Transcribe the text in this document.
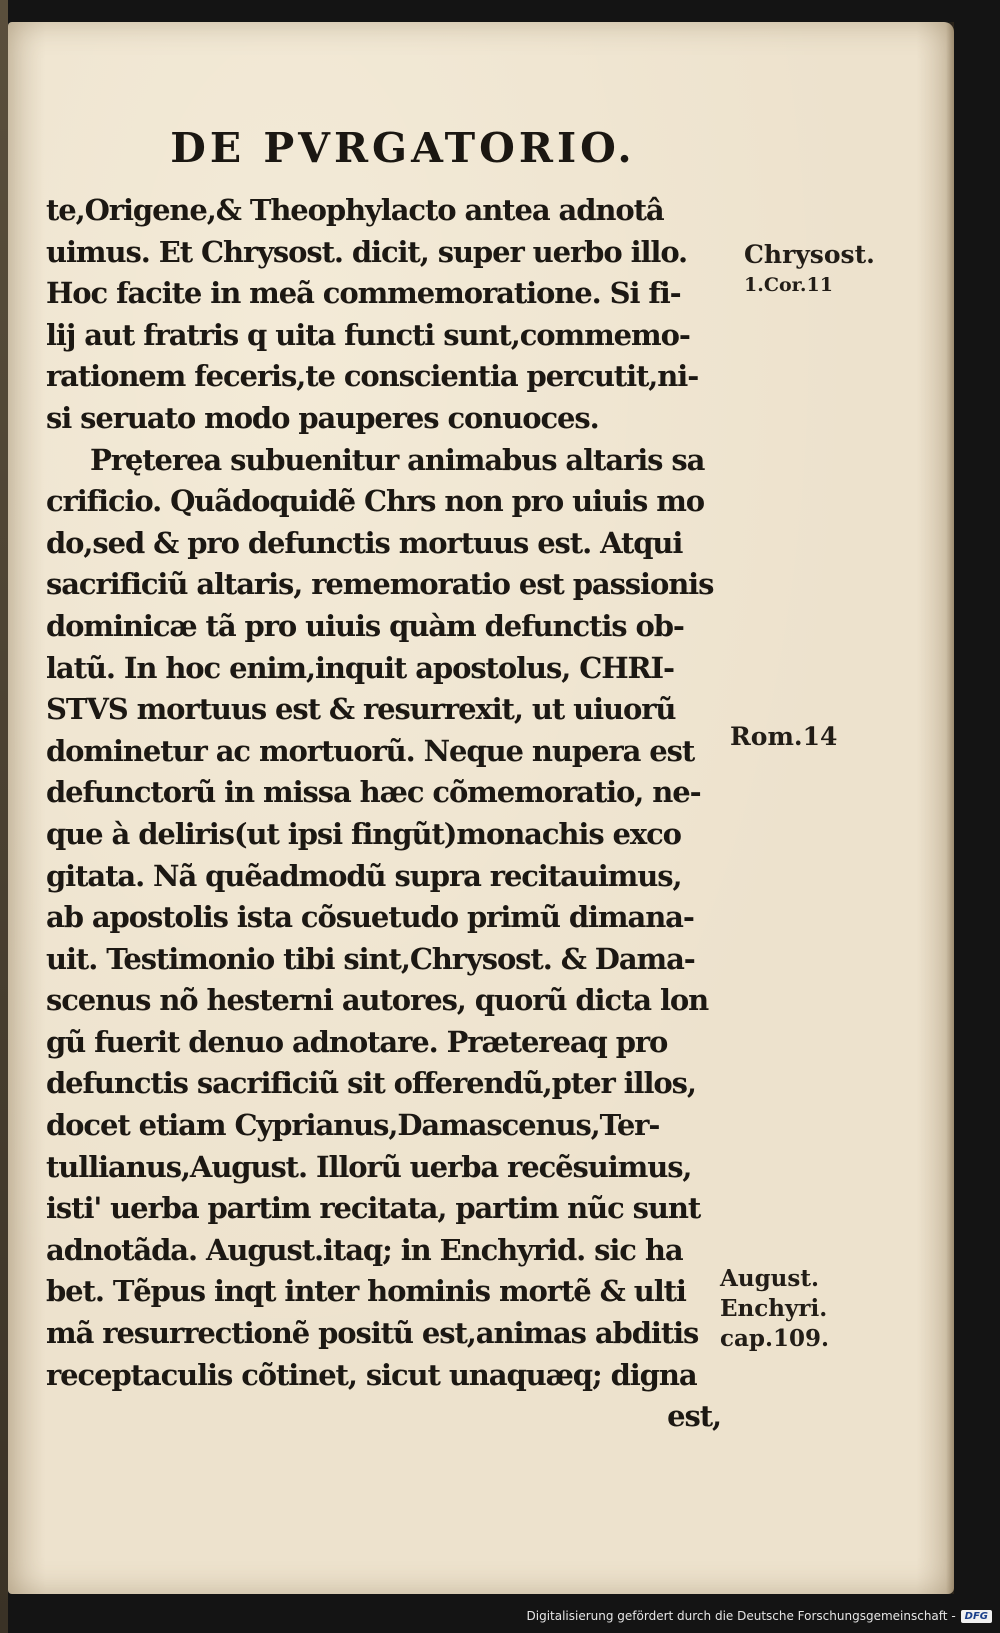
DE PVRGATORIO.
te,Origene,& Theophylacto antea adnotâ
uimus. Et Chrysost. dicit, super uerbo illo.
Hoc facite in meã commemoratione. Si fi-
lij aut fratris q uita functi sunt,commemo-
rationem feceris,te conscientia percutit,ni-
si seruato modo pauperes conuoces.
Pręterea subuenitur animabus altaris sa
crificio. Quãdoquidẽ Chrs non pro uiuis mo
do,sed & pro defunctis mortuus est. Atqui
sacrificiũ altaris, rememoratio est passionis
dominicæ tã pro uiuis quàm defunctis ob-
latũ. In hoc enim,inquit apostolus, CHRI-
STVS mortuus est & resurrexit, ut uiuorũ
dominetur ac mortuorũ. Neque nupera est
defunctorũ in missa hæc cõmemoratio, ne-
que à deliris(ut ipsi fingũt)monachis exco
gitata. Nã quẽadmodũ supra recitauimus,
ab apostolis ista cõsuetudo primũ dimana-
uit. Testimonio tibi sint,Chrysost. & Dama-
scenus nõ hesterni autores, quorũ dicta lon
gũ fuerit denuo adnotare. Prætereaq pro
defunctis sacrificiũ sit offerendũ,pter illos,
docet etiam Cyprianus,Damascenus,Ter-
tullianus,August. Illorũ uerba recẽsuimus,
isti' uerba partim recitata, partim nũc sunt
adnotãda. August.itaq; in Enchyrid. sic ha
bet. Tẽpus inqt inter hominis mortẽ & ulti
mã resurrectionẽ positũ est,animas abditis
receptaculis cõtinet, sicut unaquæq; digna
est,
Chrysost.
1.Cor.11
Rom.14
August.
Enchyri.
cap.109.
Digitalisierung gefördert durch die Deutsche Forschungsgemeinschaft - DFG
